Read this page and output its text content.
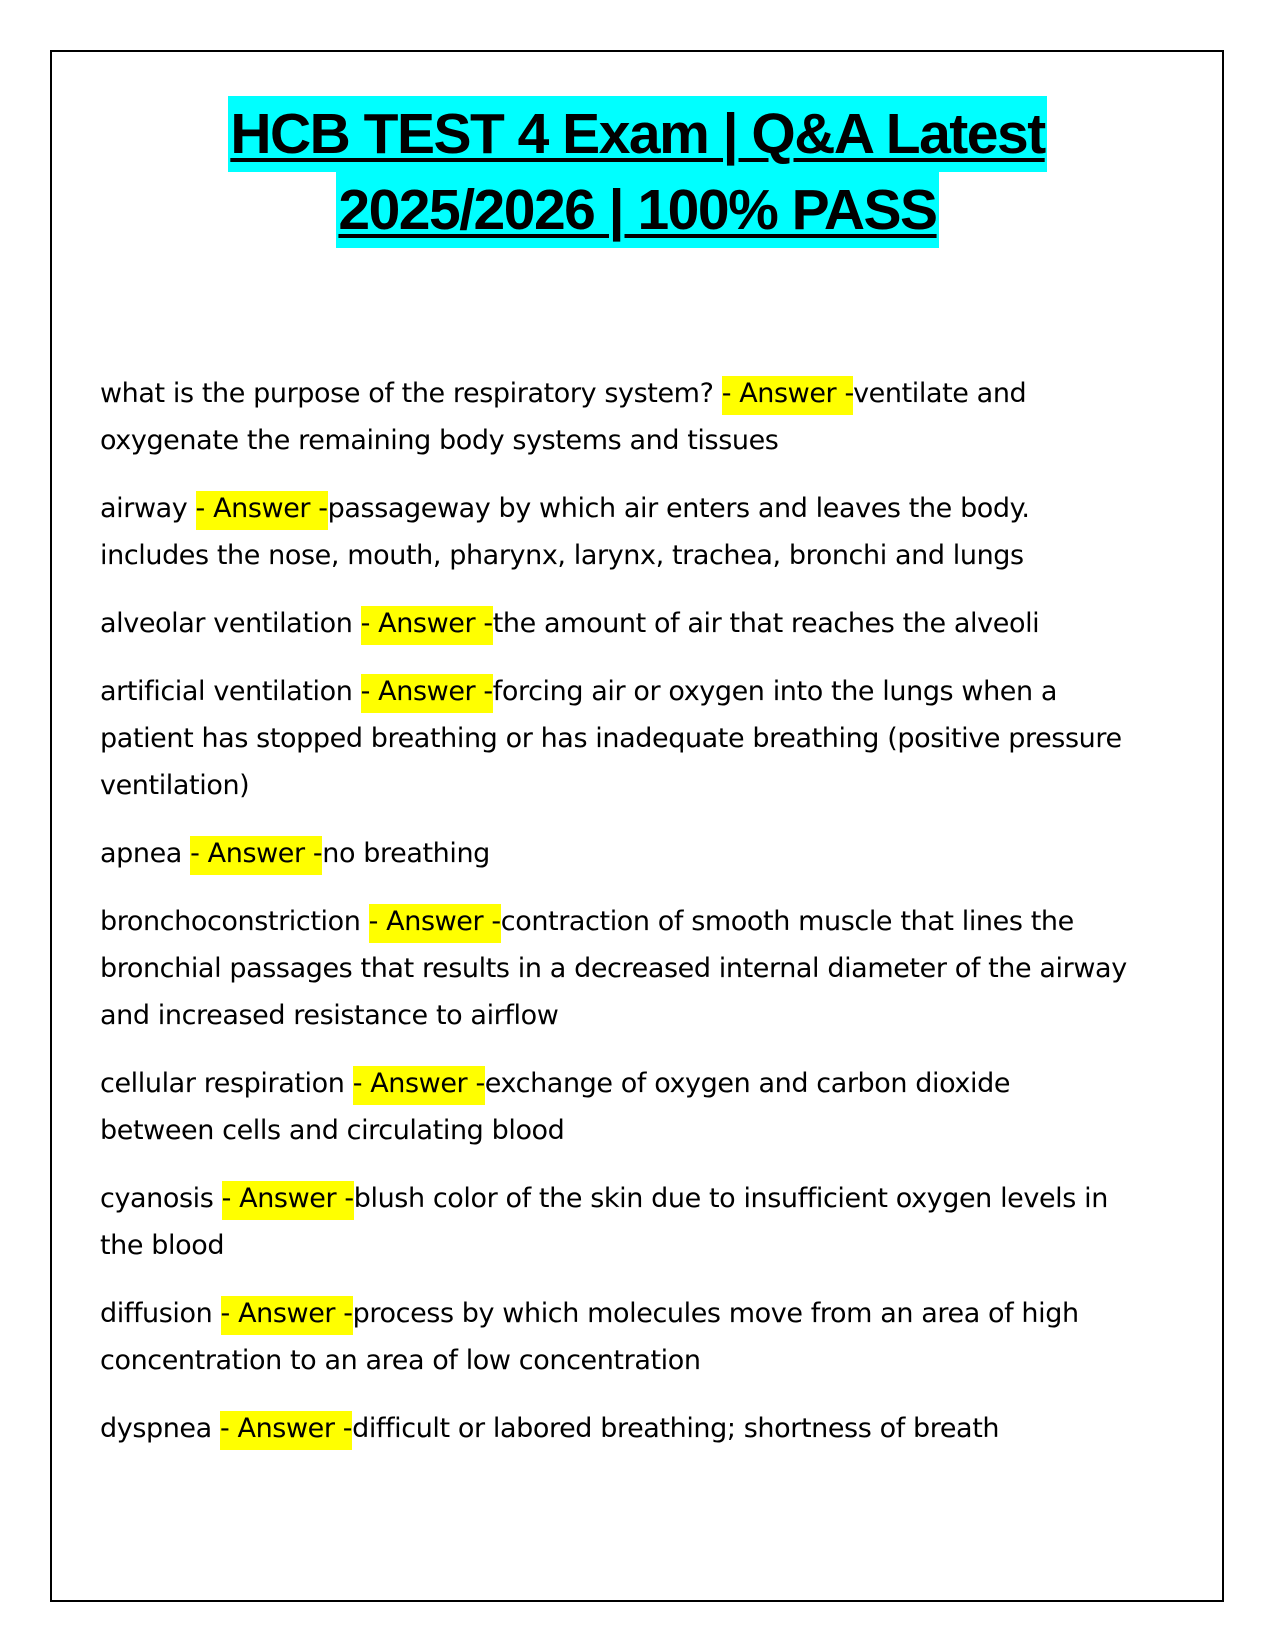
HCB TEST 4 Exam | Q&A Latest
2025/2026 | 100% PASS

what is the purpose of the respiratory system? - Answer -ventilate and oxygenate the remaining body systems and tissues

airway - Answer -passageway by which air enters and leaves the body. includes the nose, mouth, pharynx, larynx, trachea, bronchi and lungs

alveolar ventilation - Answer -the amount of air that reaches the alveoli

artificial ventilation - Answer -forcing air or oxygen into the lungs when a patient has stopped breathing or has inadequate breathing (positive pressure ventilation)

apnea - Answer -no breathing

bronchoconstriction - Answer -contraction of smooth muscle that lines the bronchial passages that results in a decreased internal diameter of the airway and increased resistance to airflow

cellular respiration - Answer -exchange of oxygen and carbon dioxide between cells and circulating blood

cyanosis - Answer -blush color of the skin due to insufficient oxygen levels in the blood

diffusion - Answer -process by which molecules move from an area of high concentration to an area of low concentration

dyspnea - Answer -difficult or labored breathing; shortness of breath
